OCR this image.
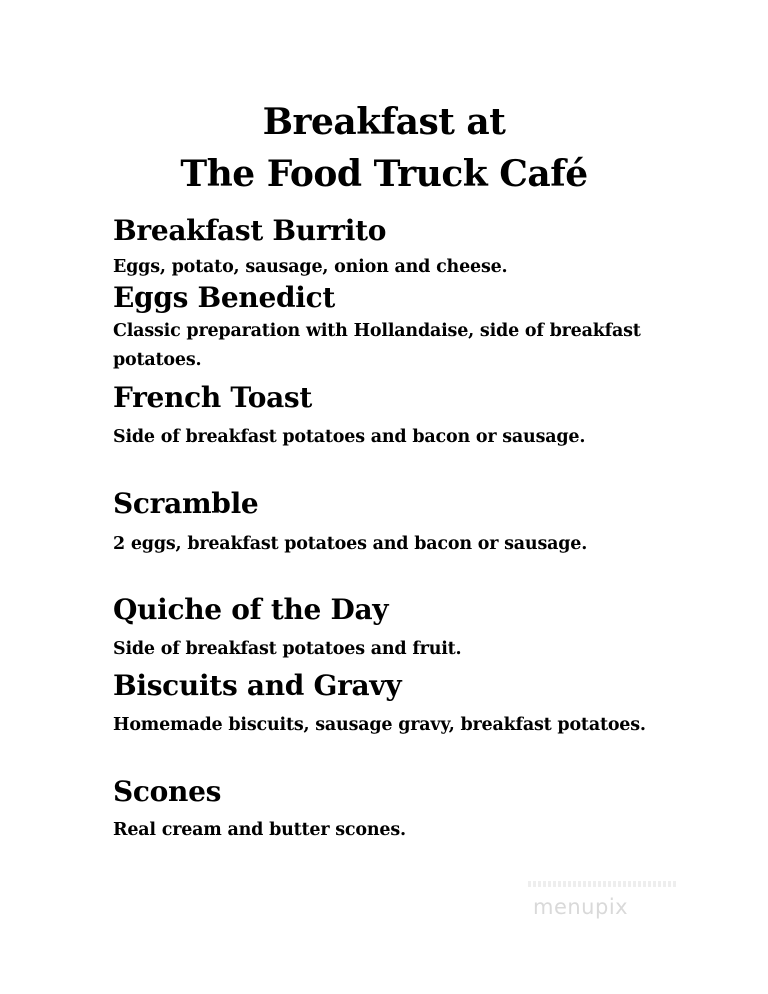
Breakfast at
The Food Truck Café
Breakfast Burrito

Eggs, potato, sausage, onion and cheese.

Eggs Benedict

Classic preparation with Hollandaise, side of breakfast potatoes.

French Toast

Side of breakfast potatoes and bacon or sausage.

Scramble

2 eggs, breakfast potatoes and bacon or sausage.

Quiche of the Day

Side of breakfast potatoes and fruit.

Biscuits and Gravy

Homemade biscuits, sausage gravy, breakfast potatoes.

Scones

Real cream and butter scones.

menupix
